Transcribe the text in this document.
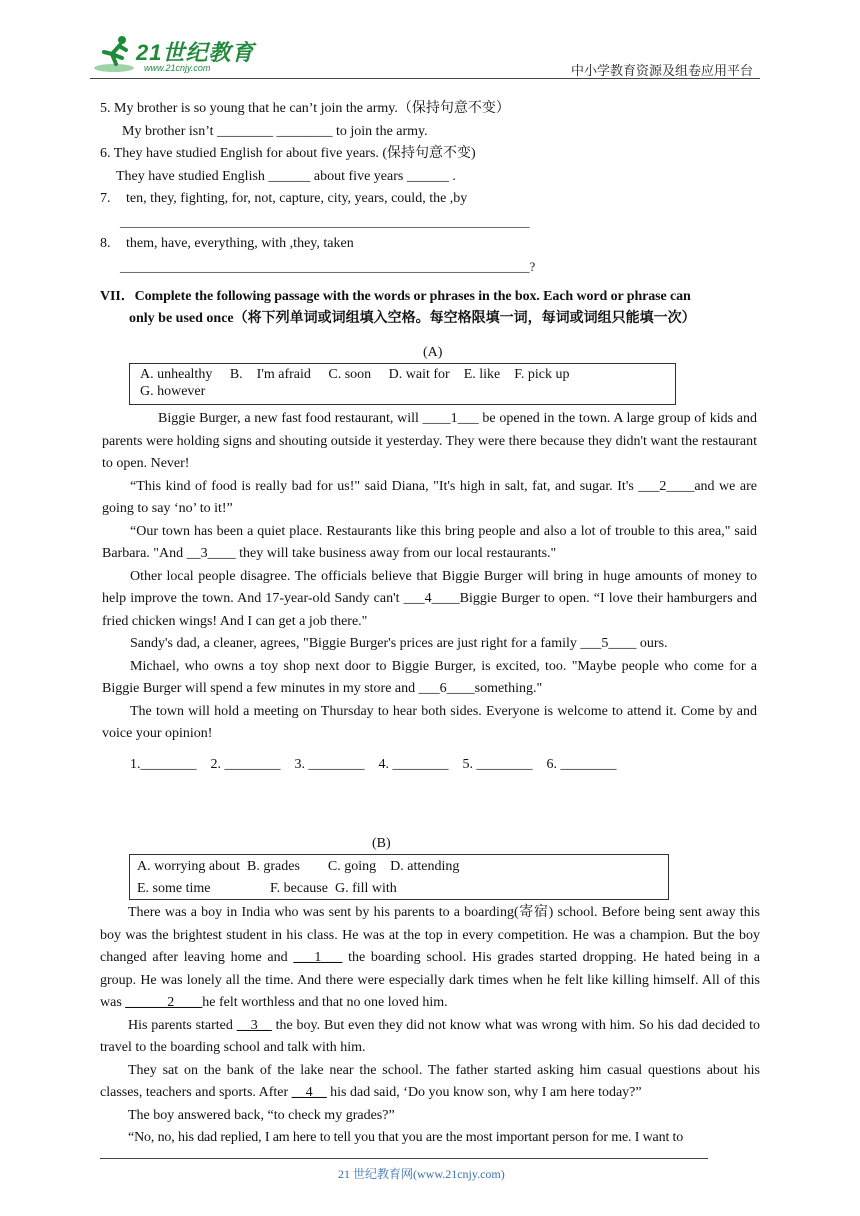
21世纪教育
www.21cnjy.com	中小学教育资源及组卷应用平台
5. My brother is so young that he can’t join the army.（保持句意不变）
My brother isn’t ________ ________ to join the army.
6. They have studied English for about five years. (保持句意不变)
They have studied English ______ about five years ______ .
7. ten, they, fighting, for, not, capture, city, years, could, the ,by
_______________________________________________________________
8. them, have, everything, with ,they, taken
_______________________________________________________________?
VII．Complete the following passage with the words or phrases in the box. Each word or phrase can
only be used once（将下列单词或词组填入空格。每空格限填一词，每词或词组只能填一次）
(A)
A. unhealthy     B.    I'm afraid     C. soon     D. wait for    E. like    F. pick up
G. however

Biggie Burger, a new fast food restaurant, will ____1___ be opened in the town. A large group of kids and parents were holding signs and shouting outside it yesterday. They were there because they didn't want the restaurant to open. Never!

“This kind of food is really bad for us!" said Diana, "It's high in salt, fat, and sugar. It's ___2____and we are going to say ‘no’ to it!”

“Our town has been a quiet place. Restaurants like this bring people and also a lot of trouble to this area," said Barbara. "And __3____ they will take business away from our local restaurants."

Other local people disagree. The officials believe that Biggie Burger will bring in huge amounts of money to help improve the town. And 17-year-old Sandy can't ___4____Biggie Burger to open. “I love their hamburgers and fried chicken wings! And I can get a job there."

Sandy's dad, a cleaner, agrees, "Biggie Burger's prices are just right for a family ___5____ ours.

Michael, who owns a toy shop next door to Biggie Burger, is excited, too. "Maybe people who come for a Biggie Burger will spend a few minutes in my store and ___6____something."

The town will hold a meeting on Thursday to hear both sides. Everyone is welcome to attend it. Come by and voice your opinion!

1.________    2. ________    3. ________    4. ________    5. ________    6. ________
(B)
A. worrying about  B. grades        C. going    D. attending
E. some time                 F. because  G. fill with

There was a boy in India who was sent by his parents to a boarding(寄宿) school. Before being sent away this boy was the brightest student in his class. He was at the top in every competition. He was a champion. But the boy changed after leaving home and ___1___ the boarding school. His grades started dropping. He hated being in a group. He was lonely all the time. And there were especially dark times when he felt like killing himself. All of this was ______2____he felt worthless and that no one loved him.

His parents started __3__ the boy. But even they did not know what was wrong with him. So his dad decided to travel to the boarding school and talk with him.

They sat on the bank of the lake near the school. The father started asking him casual questions about his classes, teachers and sports. After __4__ his dad said, ‘Do you know son, why I am here today?”

The boy answered back, “to check my grades?”

“No, no, his dad replied, I am here to tell you that you are the most important person for me. I want to

21 世纪教育网(www.21cnjy.com)
